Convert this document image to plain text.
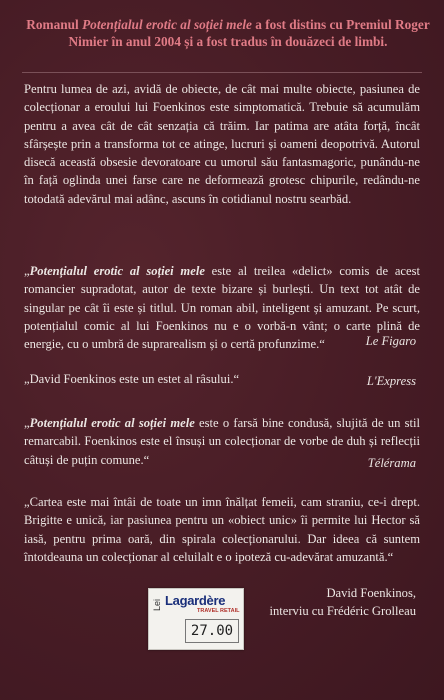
Romanul Potențialul erotic al soției mele a fost distins cu Premiul Roger Nimier în anul 2004 și a fost tradus în douăzeci de limbi.
Pentru lumea de azi, avidă de obiecte, de cât mai multe obiecte, pasiunea de colecționar a eroului lui Foenkinos este simptomatică. Trebuie să acumulăm pentru a avea cât de cât senzația că trăim. Iar patima are atâta forță, încât sfârșește prin a transforma tot ce atinge, lucruri și oameni deopotrivă. Autorul disecă această obsesie devoratoare cu umorul său fantasmagoric, punându-ne în față oglinda unei farse care ne deformează grotesc chipurile, redându-ne totodată adevărul mai adânc, ascuns în cotidianul nostru searbăd.
„Potențialul erotic al soției mele este al treilea «delict» comis de acest romancier supradotat, autor de texte bizare și burlești. Un text tot atât de singular pe cât îi este și titlul. Un roman abil, inteligent și amuzant. Pe scurt, potențialul comic al lui Foenkinos nu e o vorbă-n vânt; o carte plină de energie, cu o umbră de suprarealism și o certă profunzime.“	Le Figaro
„David Foenkinos este un estet al râsului.“	L'Express
„Potențialul erotic al soției mele este o farsă bine condusă, slujită de un stil remarcabil. Foenkinos este el însuși un colecționar de vorbe de duh și reflecții câtuși de puțin comune.“	Télérama
„Cartea este mai întâi de toate un imn înălțat femeii, cam straniu, ce-i drept. Brigitte e unică, iar pasiunea pentru un «obiect unic» îi permite lui Hector să iasă, pentru prima oară, din spirala colecționarului. Dar ideea că suntem întotdeauna un colecționar al celuilalt e o ipoteză cu-adevărat amuzantă.“
David Foenkinos,
interviu cu Frédéric Grolleau
Lei Lagardère
TRAVEL RETAIL
27.00
